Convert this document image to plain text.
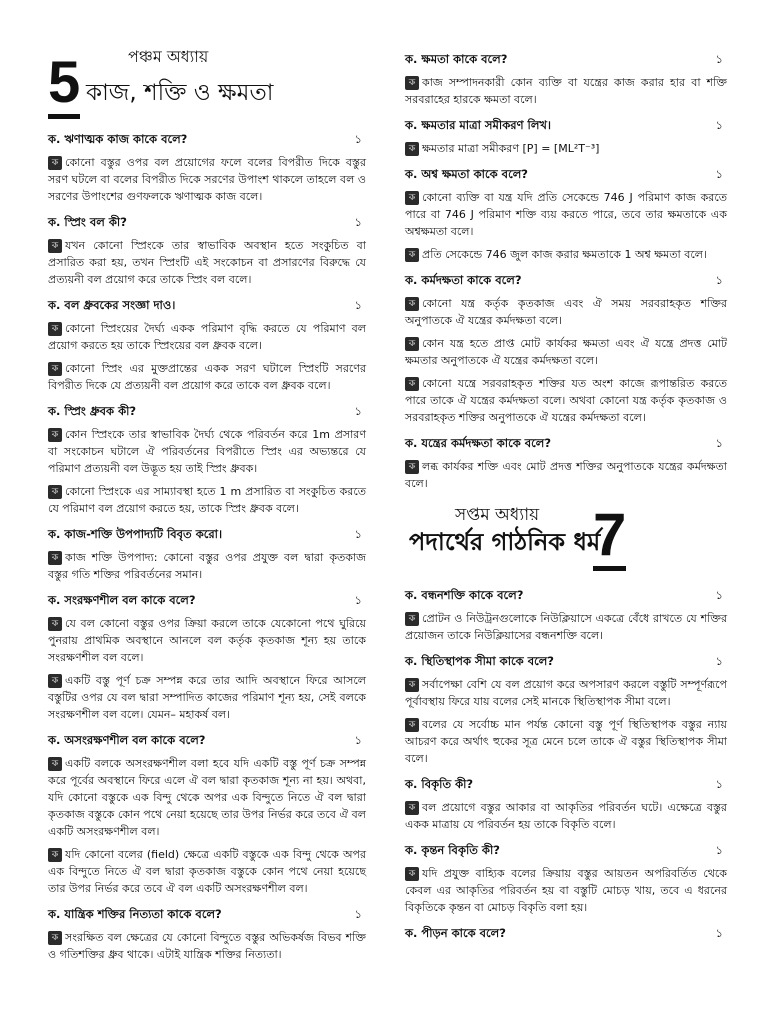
5	পঞ্চম অধ্যায়
কাজ, শক্তি ও ক্ষমতা
ক. ঋণাত্মক কাজ কাকে বলে?	১
ক কোনো বস্তুর ওপর বল প্রয়োগের ফলে বলের বিপরীত দিকে বস্তুর সরণ ঘটলে বা বলের বিপরীত দিকে সরণের উপাংশ থাকলে তাহলে বল ও সরণের উপাংশের গুণফলকে ঋণাত্মক কাজ বলে।
ক. স্প্রিং বল কী?	১
ক যখন কোনো স্প্রিংকে তার স্বাভাবিক অবস্থান হতে সংকুচিত বা প্রসারিত করা হয়, তখন স্প্রিংটি এই সংকোচন বা প্রসারণের বিরুদ্ধে যে প্রত্যয়নী বল প্রয়োগ করে তাকে স্প্রিং বল বলে।
ক. বল ধ্রুবকের সংজ্ঞা দাও।	১
ক কোনো স্প্রিংয়ের দৈর্ঘ্য একক পরিমাণ বৃদ্ধি করতে যে পরিমাণ বল প্রয়োগ করতে হয় তাকে স্প্রিংয়ের বল ধ্রুবক বলে।
ক কোনো স্প্রিং এর মুক্তপ্রান্তের একক সরণ ঘটালে স্প্রিংটি সরণের বিপরীত দিকে যে প্রত্যয়নী বল প্রয়োগ করে তাকে বল ধ্রুবক বলে।
ক. স্প্রিং ধ্রুবক কী?	১
ক কোন স্প্রিংকে তার স্বাভাবিক দৈর্ঘ্য থেকে পরিবর্তন করে 1m প্রসারণ বা সংকোচন ঘটালে ঐ পরিবর্তনের বিপরীতে স্প্রিং এর অভ্যন্তরে যে পরিমাণ প্রত্যয়নী বল উদ্ভূত হয় তাই স্প্রিং ধ্রুবক।
ক কোনো স্প্রিংকে এর সাম্যাবস্থা হতে 1 m প্রসারিত বা সংকুচিত করতে যে পরিমাণ বল প্রয়োগ করতে হয়, তাকে স্প্রিং ধ্রুবক বলে।
ক. কাজ-শক্তি উপপাদ্যটি বিবৃত করো।	১
ক কাজ শক্তি উপপাদ্য: কোনো বস্তুর ওপর প্রযুক্ত বল দ্বারা কৃতকাজ বস্তুর গতি শক্তির পরিবর্তনের সমান।
ক. সংরক্ষণশীল বল কাকে বলে?	১
ক যে বল কোনো বস্তুর ওপর ক্রিয়া করলে তাকে যেকোনো পথে ঘুরিয়ে পুনরায় প্রাথমিক অবস্থানে আনলে বল কর্তৃক কৃতকাজ শূন্য হয় তাকে সংরক্ষণশীল বল বলে।
ক একটি বস্তু পূর্ণ চক্র সম্পন্ন করে তার আদি অবস্থানে ফিরে আসলে বস্তুটির ওপর যে বল দ্বারা সম্পাদিত কাজের পরিমাণ শূন্য হয়, সেই বলকে সংরক্ষণশীল বল বলে। যেমন– মহাকর্ষ বল।
ক. অসংরক্ষণশীল বল কাকে বলে?	১
ক একটি বলকে অসংরক্ষণশীল বলা হবে যদি একটি বস্তু পূর্ণ চক্র সম্পন্ন করে পূর্বের অবস্থানে ফিরে এলে ঐ বল দ্বারা কৃতকাজ শূন্য না হয়। অথবা, যদি কোনো বস্তুকে এক বিন্দু থেকে অপর এক বিন্দুতে নিতে ঐ বল দ্বারা কৃতকাজ বস্তুকে কোন পথে নেয়া হয়েছে তার উপর নির্ভর করে তবে ঐ বল একটি অসংরক্ষণশীল বল।
ক যদি কোনো বলের (field) ক্ষেত্রে একটি বস্তুকে এক বিন্দু থেকে অপর এক বিন্দুতে নিতে ঐ বল দ্বারা কৃতকাজ বস্তুকে কোন পথে নেয়া হয়েছে তার উপর নির্ভর করে তবে ঐ বল একটি অসংরক্ষণশীল বল।
ক. যান্ত্রিক শক্তির নিত্যতা কাকে বলে?	১
ক সংরক্ষিত বল ক্ষেত্রের যে কোনো বিন্দুতে বস্তুর অভিকর্ষজ বিভব শক্তি ও গতিশক্তির ধ্রুব থাকে। এটাই যান্ত্রিক শক্তির নিত্যতা।
ক. ক্ষমতা কাকে বলে?	১
ক কাজ সম্পাদনকারী কোন ব্যক্তি বা যন্ত্রের কাজ করার হার বা শক্তি সরবরাহের হারকে ক্ষমতা বলে।
ক. ক্ষমতার মাত্রা সমীকরণ লিখ।	১
ক ক্ষমতার মাত্রা সমীকরণ [P] = [ML²T⁻³]
ক. অশ্ব ক্ষমতা কাকে বলে?	১
ক কোনো ব্যক্তি বা যন্ত্র যদি প্রতি সেকেন্ডে 746 J পরিমাণ কাজ করতে পারে বা 746 J পরিমাণ শক্তি ব্যয় করতে পারে, তবে তার ক্ষমতাকে এক অশ্বক্ষমতা বলে।
ক প্রতি সেকেন্ডে 746 জুল কাজ করার ক্ষমতাকে 1 অশ্ব ক্ষমতা বলে।
ক. কর্মদক্ষতা কাকে বলে?	১
ক কোনো যন্ত্র কর্তৃক কৃতকাজ এবং ঐ সময় সরবরাহকৃত শক্তির অনুপাতকে ঐ যন্ত্রের কর্মদক্ষতা বলে।
ক কোন যন্ত্র হতে প্রাপ্ত মোট কার্যকর ক্ষমতা এবং ঐ যন্ত্রে প্রদত্ত মোট ক্ষমতার অনুপাতকে ঐ যন্ত্রের কর্মদক্ষতা বলে।
ক কোনো যন্ত্রে সরবরাহকৃত শক্তির যত অংশ কাজে রূপান্তরিত করতে পারে তাকে ঐ যন্ত্রের কর্মদক্ষতা বলে। অথবা কোনো যন্ত্র কর্তৃক কৃতকাজ ও সরবরাহকৃত শক্তির অনুপাতকে ঐ যন্ত্রের কর্মদক্ষতা বলে।
ক. যন্ত্রের কর্মদক্ষতা কাকে বলে?	১
ক লব্ধ কার্যকর শক্তি এবং মোট প্রদত্ত শক্তির অনুপাতকে যন্ত্রের কর্মদক্ষতা বলে।
সপ্তম অধ্যায়
পদার্থের গাঠনিক ধর্ম
7
ক. বন্ধনশক্তি কাকে বলে?	১
ক প্রোটন ও নিউট্রনগুলোকে নিউক্লিয়াসে একত্রে বেঁধে রাখতে যে শক্তির প্রয়োজন তাকে নিউক্লিয়াসের বন্ধনশক্তি বলে।
ক. স্থিতিস্থাপক সীমা কাকে বলে?	১
ক সর্বাপেক্ষা বেশি যে বল প্রয়োগ করে অপসারণ করলে বস্তুটি সম্পূর্ণরূপে পূর্বাবস্থায় ফিরে যায় বলের সেই মানকে স্থিতিস্থাপক সীমা বলে।
ক বলের যে সর্বোচ্চ মান পর্যন্ত কোনো বস্তু পূর্ণ স্থিতিস্থাপক বস্তুর ন্যায় আচরণ করে অর্থাৎ হুকের সূত্র মেনে চলে তাকে ঐ বস্তুর স্থিতিস্থাপক সীমা বলে।
ক. বিকৃতি কী?	১
ক বল প্রয়োগে বস্তুর আকার বা আকৃতির পরিবর্তন ঘটে। এক্ষেত্রে বস্তুর একক মাত্রায় যে পরিবর্তন হয় তাকে বিকৃতি বলে।
ক. কৃন্তন বিকৃতি কী?	১
ক যদি প্রযুক্ত বাহ্যিক বলের ক্রিয়ায় বস্তুর আয়তন অপরিবর্তিত থেকে কেবল এর আকৃতির পরিবর্তন হয় বা বস্তুটি মোচড় খায়, তবে এ ধরনের বিকৃতিকে কৃন্তন বা মোচড় বিকৃতি বলা হয়।
ক. পীড়ন কাকে বলে?	১
